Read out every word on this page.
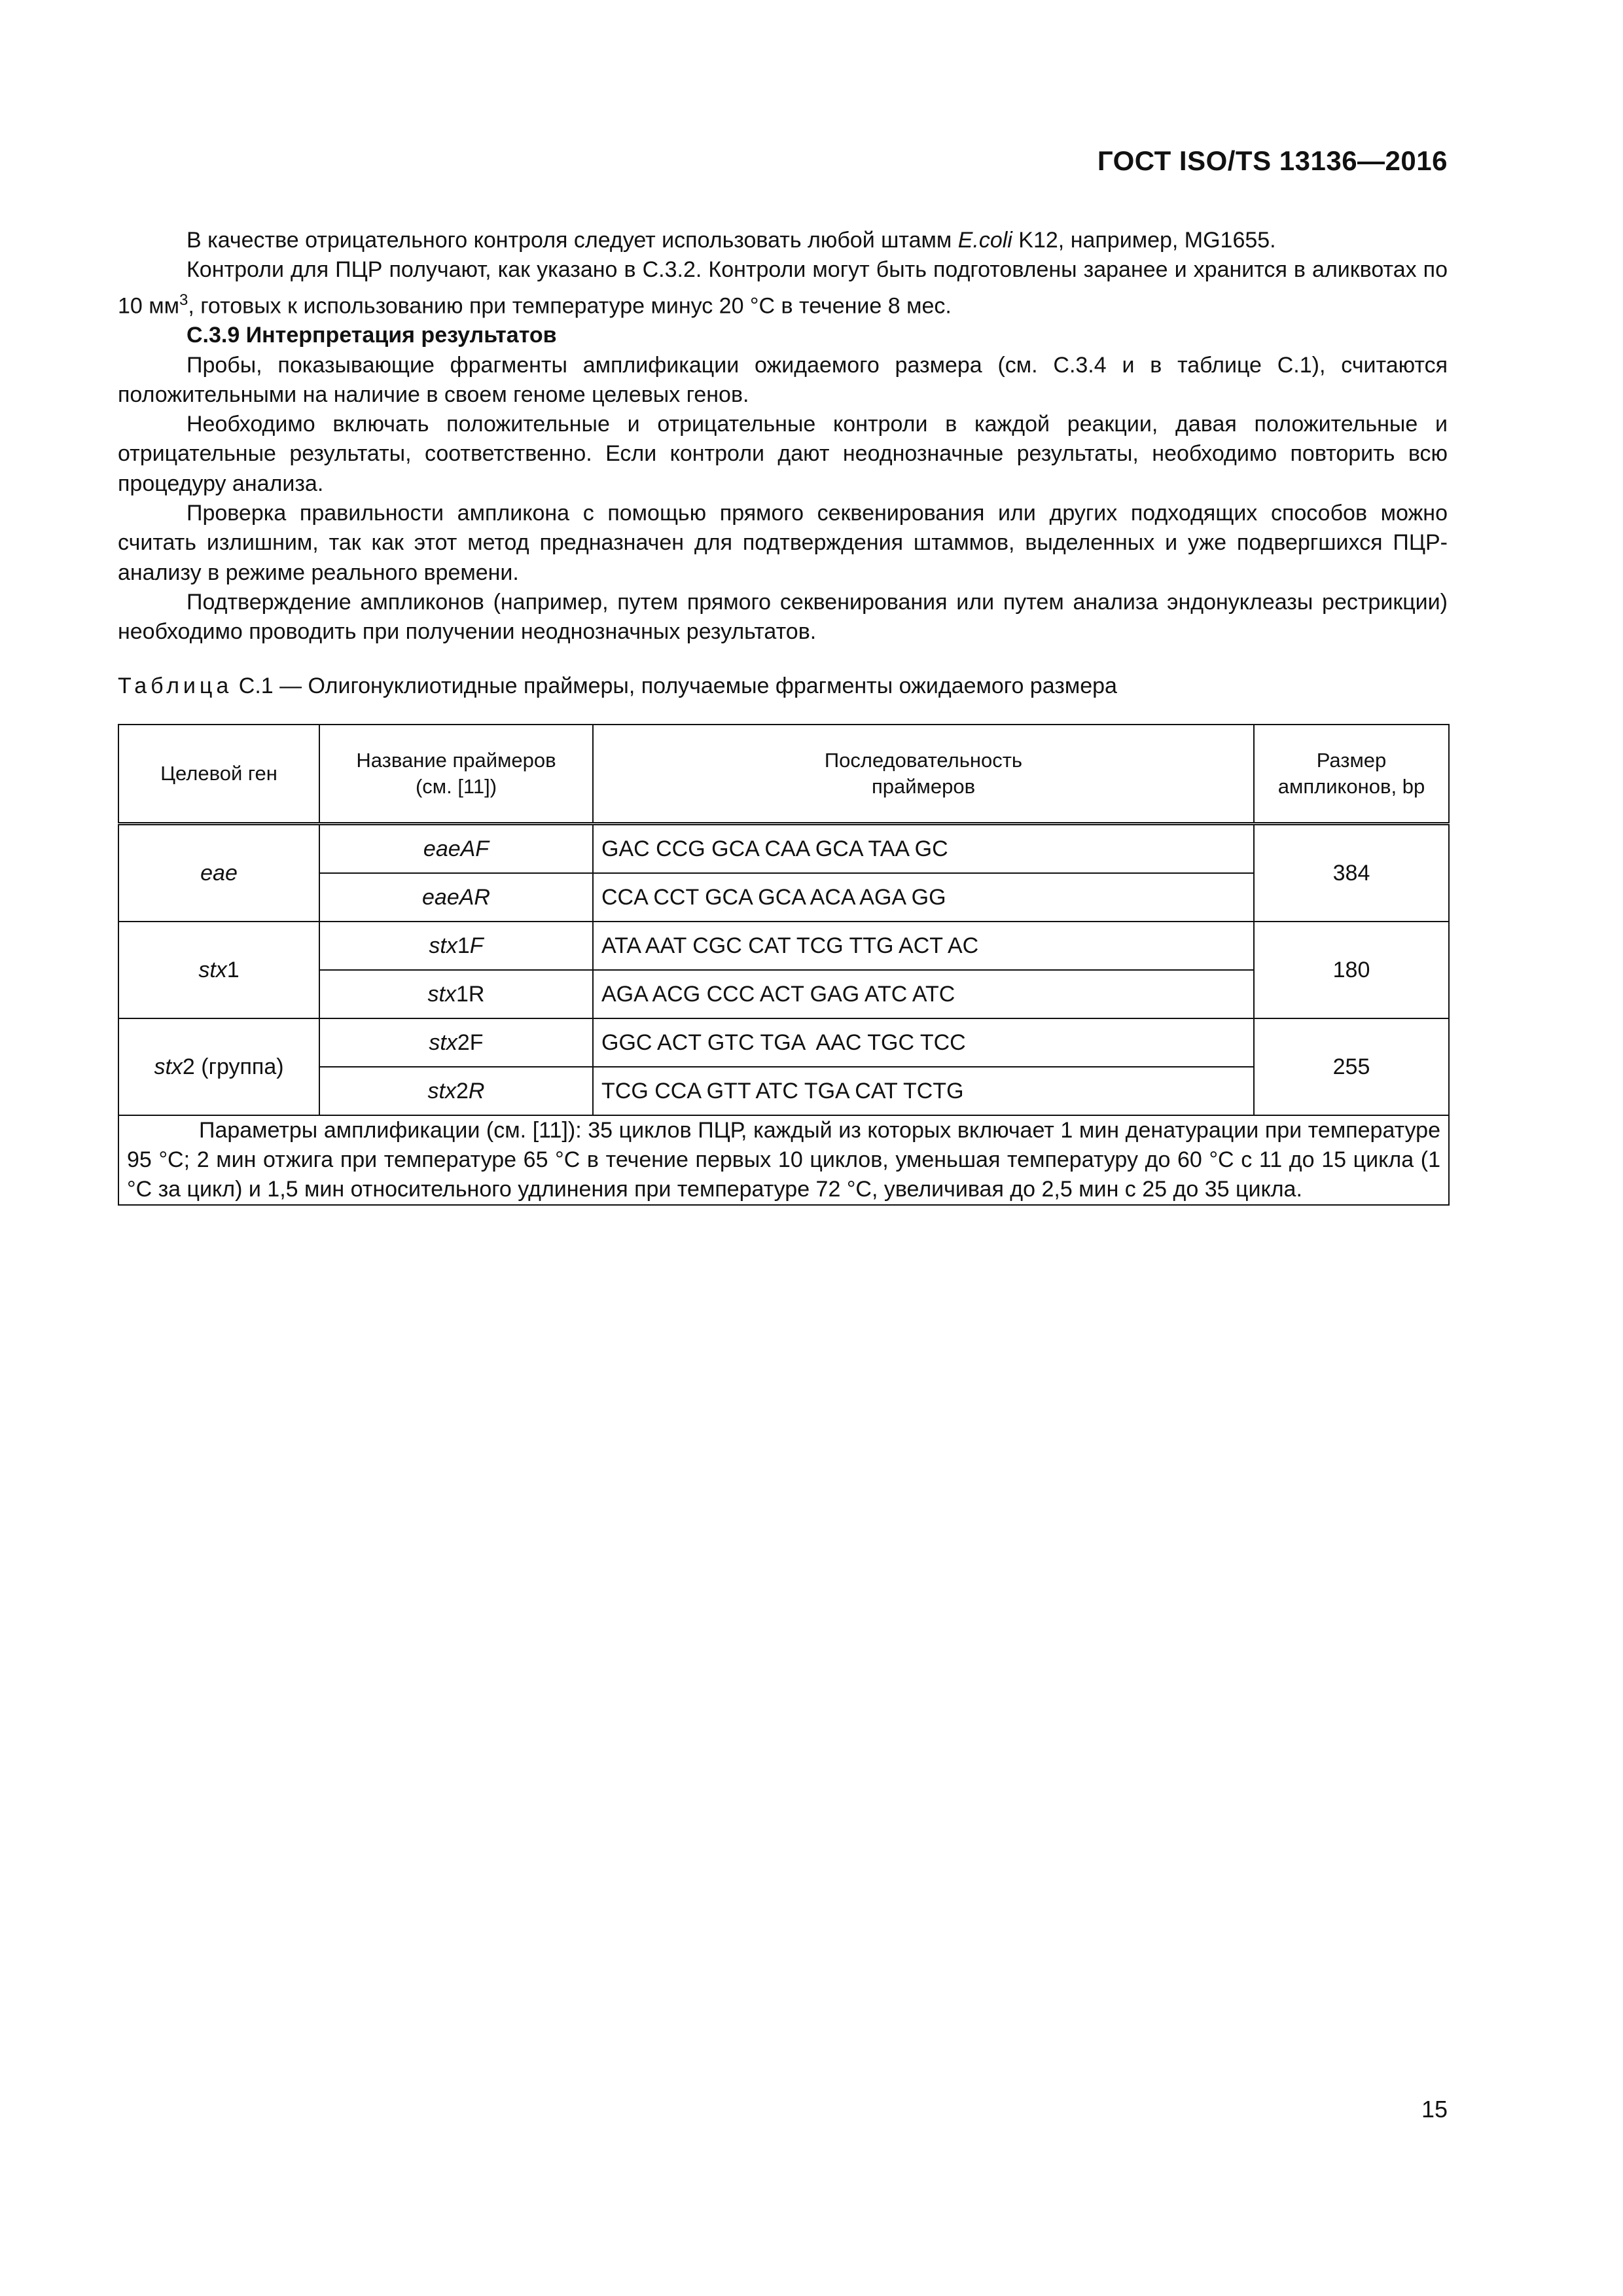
ГОСТ ISO/TS 13136—2016

В качестве отрицательного контроля следует использовать любой штамм E.coli K12, например, MG1655.

Контроли для ПЦР получают, как указано в С.3.2. Контроли могут быть подготовлены заранее и хранится в аликвотах по 10 $мм^3$, готовых к использованию при температуре минус 20 °С в течение 8 мес.

С.3.9 Интерпретация результатов

Пробы, показывающие фрагменты амплификации ожидаемого размера (см. С.3.4 и в таблице С.1), считаются положительными на наличие в своем геноме целевых генов.

Необходимо включать положительные и отрицательные контроли в каждой реакции, давая положительные и отрицательные результаты, соответственно. Если контроли дают неоднозначные результаты, необходимо повторить всю процедуру анализа.

Проверка правильности ампликона с помощью прямого секвенирования или других подходящих способов можно считать излишним, так как этот метод предназначен для подтверждения штаммов, выделенных и уже подвергшихся ПЦР-анализу в режиме реального времени.

Подтверждение ампликонов (например, путем прямого секвенирования или путем анализа эндонуклеазы рестрикции) необходимо проводить при получении неоднозначных результатов.

Таблица С.1 — Олигонуклиотидные праймеры, получаемые фрагменты ожидаемого размера
Целевой ген	Название праймеров (см. [11])	Последовательность праймеров	Размер ампликонов, bp
eae	eaeAF	GAC CCG GCA CAA GCA TAA GC	384
	eaeAR	CCA CCT GCA GCA ACA AGA GG	
stx1	stx1F	ATA AAT CGC CAT TCG TTG ACT AC	180
	stx1R	AGA ACG CCC ACT GAG ATC ATC	
stx2 (группа)	stx2F	GGC ACT GTC TGA  AAC TGC TCC	255
	stx2R	TCG CCA GTT ATC TGA CAT TCTG	
Параметры амплификации (см. [11]): 35 циклов ПЦР, каждый из которых включает 1 мин денатурации при температуре 95 °С; 2 мин отжига при температуре 65 °С в течение первых 10 циклов, уменьшая температуру до 60 °С с 11 до 15 цикла (1 °С за цикл) и 1,5 мин относительного удлинения при температуре 72 °С, увеличивая до 2,5 мин с 25 до 35 цикла.			
15
